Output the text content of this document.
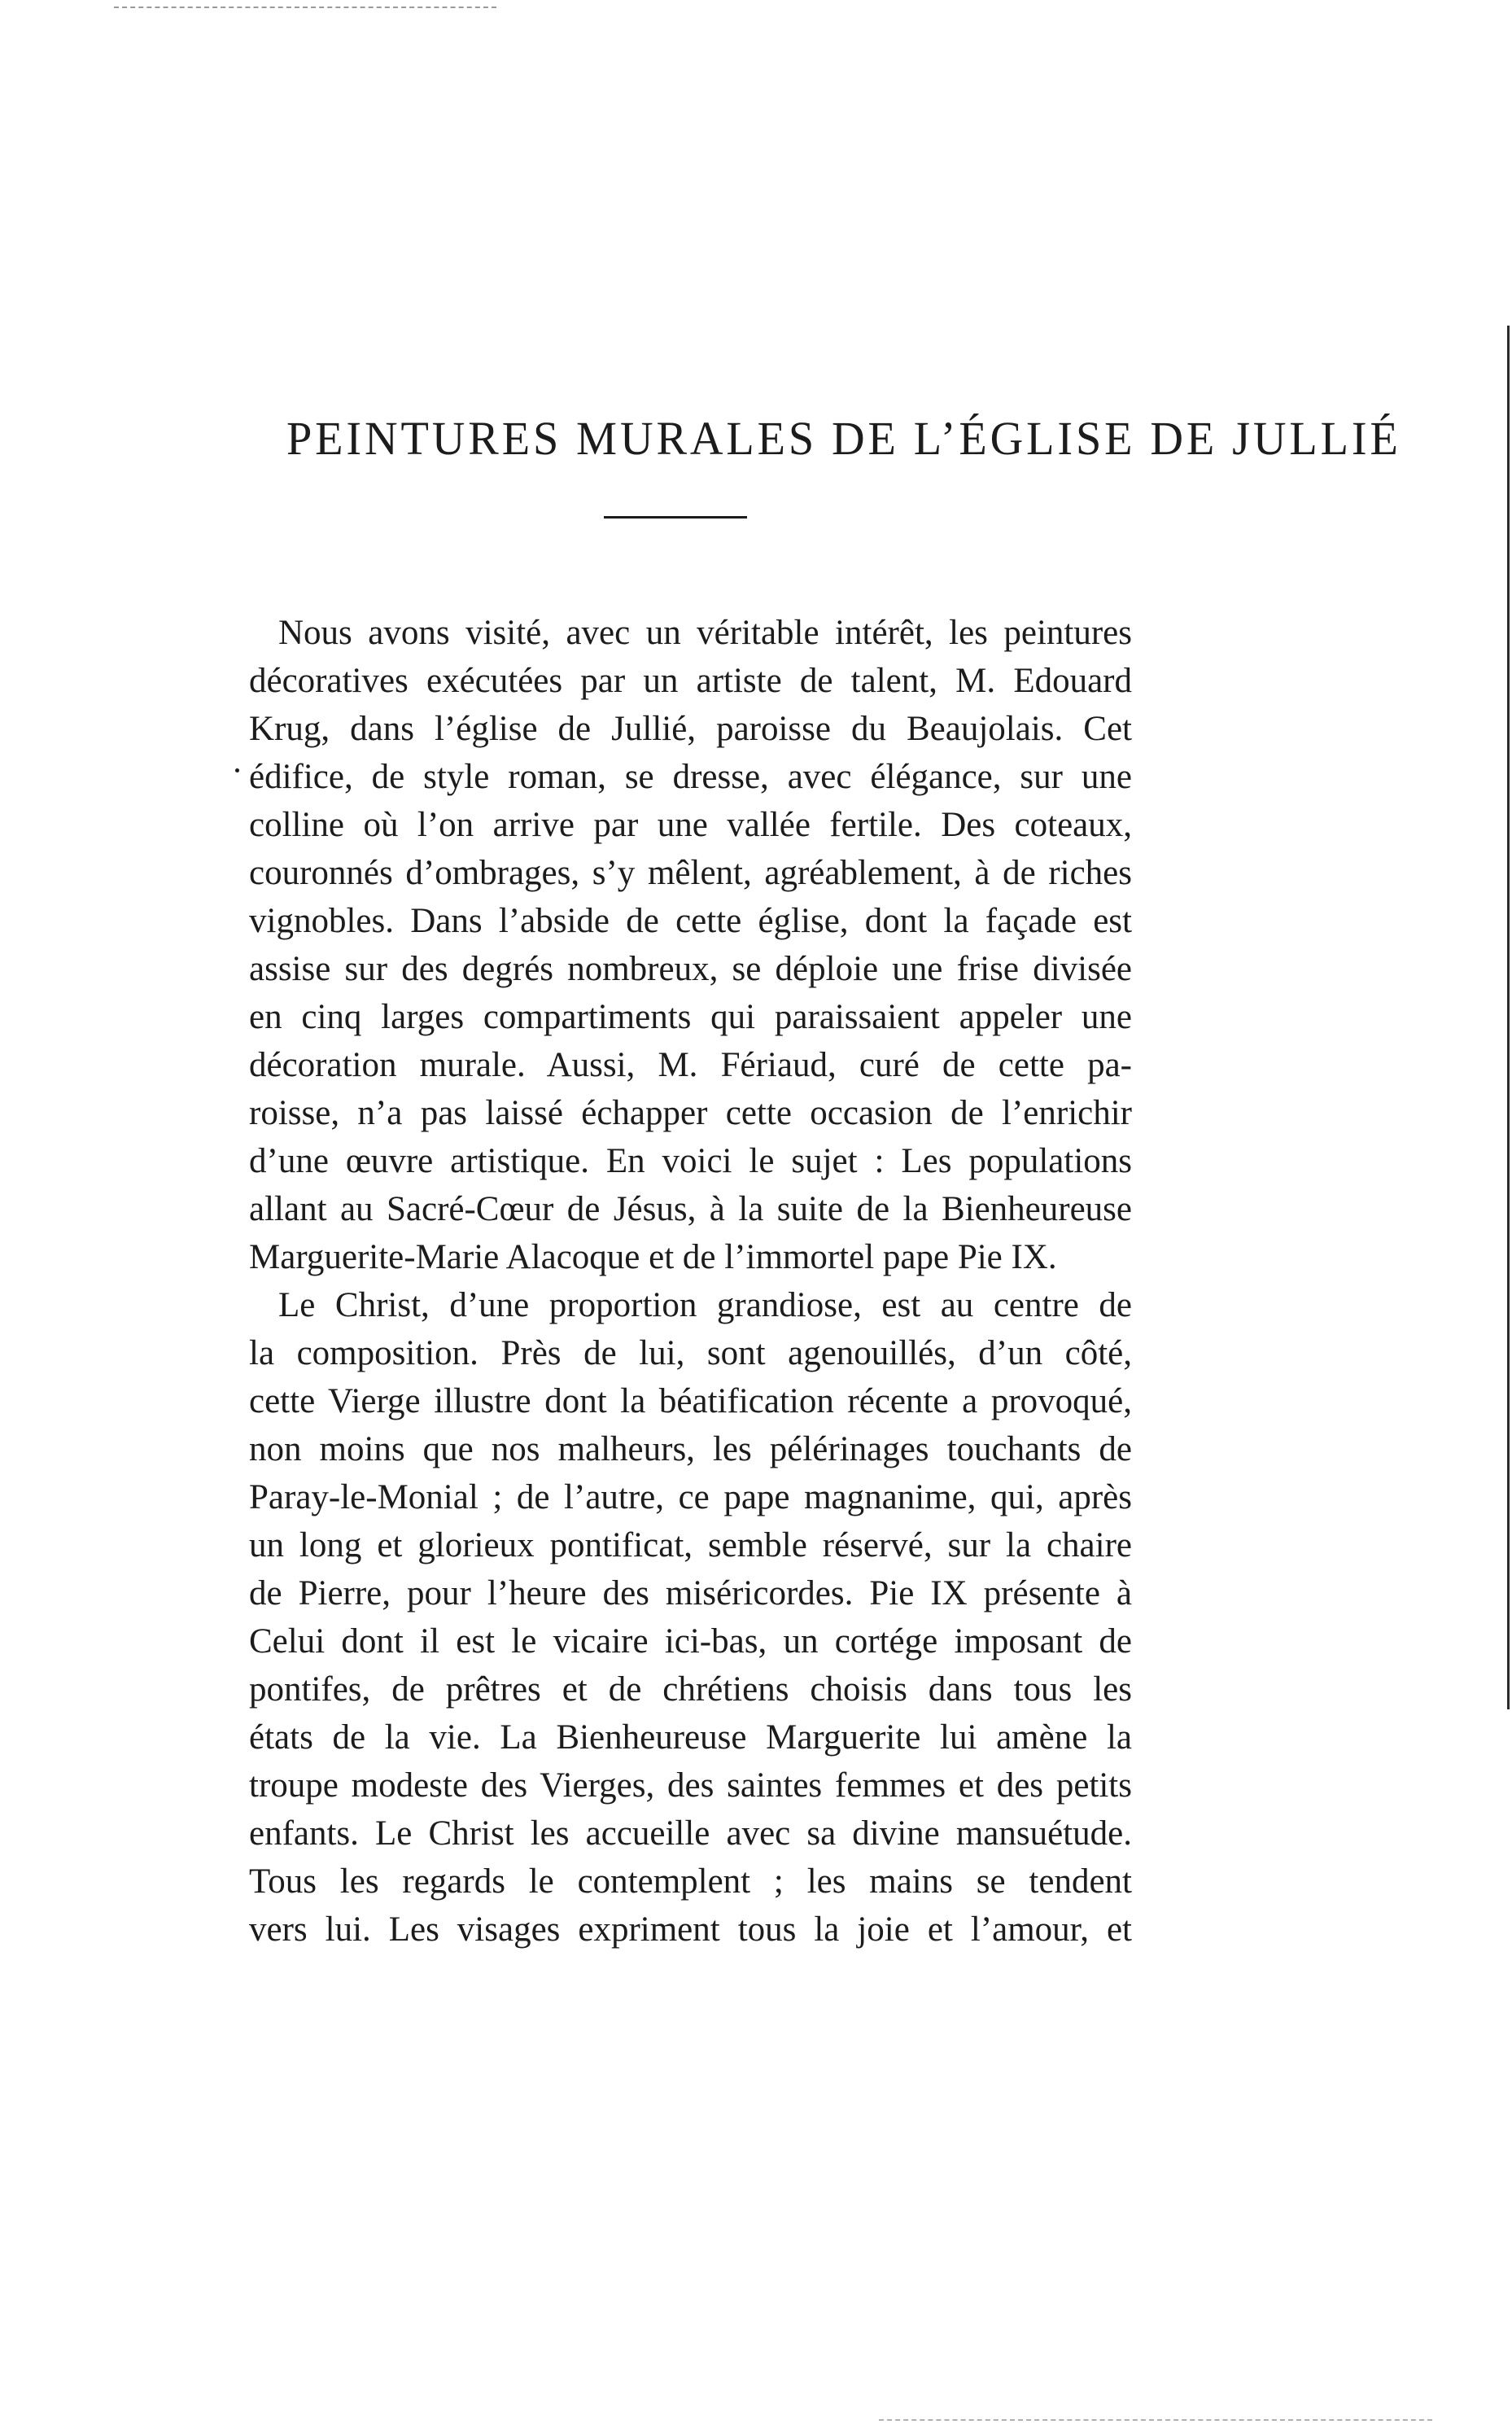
PEINTURES MURALES DE L’ÉGLISE DE JULLIÉ
Nous avons visité, avec un véritable intérêt, les peintures
décoratives exécutées par un artiste de talent, M. Edouard
Krug, dans l’église de Jullié, paroisse du Beaujolais. Cet
édifice, de style roman, se dresse, avec élégance, sur une
colline où l’on arrive par une vallée fertile. Des coteaux,
couronnés d’ombrages, s’y mêlent, agréablement, à de riches
vignobles. Dans l’abside de cette église, dont la façade est
assise sur des degrés nombreux, se déploie une frise divisée
en cinq larges compartiments qui paraissaient appeler une
décoration murale. Aussi, M. Fériaud, curé de cette pa-
roisse, n’a pas laissé échapper cette occasion de l’enrichir
d’une œuvre artistique. En voici le sujet : Les populations
allant au Sacré-Cœur de Jésus, à la suite de la Bienheureuse
Marguerite-Marie Alacoque et de l’immortel pape Pie IX.
Le Christ, d’une proportion grandiose, est au centre de
la composition. Près de lui, sont agenouillés, d’un côté,
cette Vierge illustre dont la béatification récente a provoqué,
non moins que nos malheurs, les pélérinages touchants de
Paray-le-Monial ; de l’autre, ce pape magnanime, qui, après
un long et glorieux pontificat, semble réservé, sur la chaire
de Pierre, pour l’heure des miséricordes. Pie IX présente à
Celui dont il est le vicaire ici-bas, un cortége imposant de
pontifes, de prêtres et de chrétiens choisis dans tous les
états de la vie. La Bienheureuse Marguerite lui amène la
troupe modeste des Vierges, des saintes femmes et des petits
enfants. Le Christ les accueille avec sa divine mansuétude.
Tous les regards le contemplent ; les mains se tendent
vers lui. Les visages expriment tous la joie et l’amour, et
